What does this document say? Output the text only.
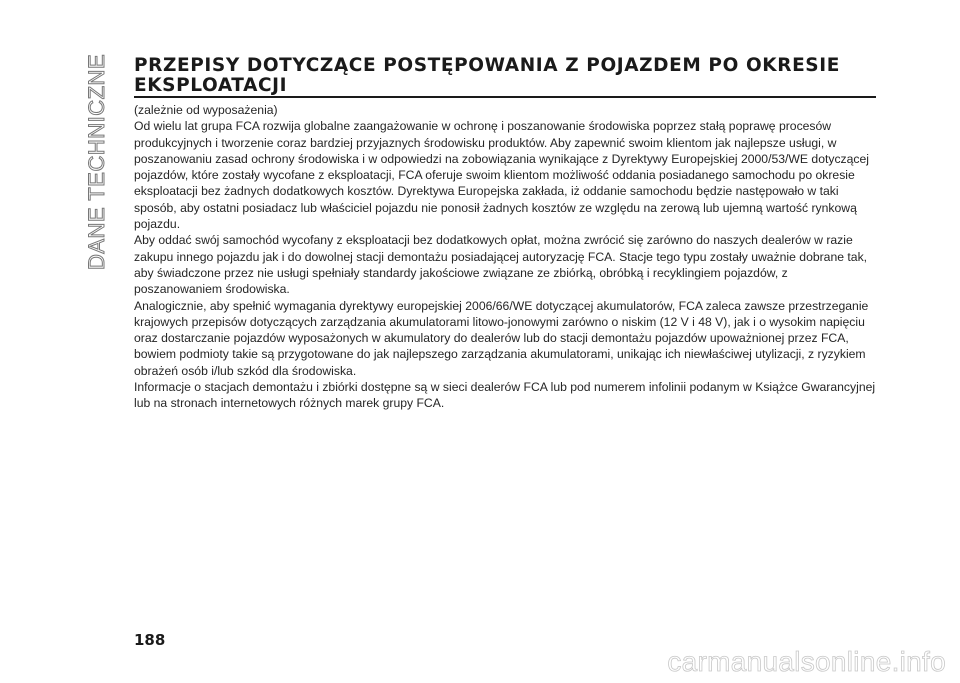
DANE TECHNICZNE PRZEPISY DOTYCZĄCE POSTĘPOWANIA Z POJAZDEM PO OKRESIE EKSPLOATACJI

(zależnie od wyposażenia)

Od wielu lat grupa FCA rozwija globalne zaangażowanie w ochronę i poszanowanie środowiska poprzez stałą poprawę procesów produkcyjnych i tworzenie coraz bardziej przyjaznych środowisku produktów. Aby zapewnić swoim klientom jak najlepsze usługi, w poszanowaniu zasad ochrony środowiska i w odpowiedzi na zobowiązania wynikające z Dyrektywy Europejskiej 2000/53/WE dotyczącej pojazdów, które zostały wycofane z eksploatacji, FCA oferuje swoim klientom możliwość oddania posiadanego samochodu po okresie eksploatacji bez żadnych dodatkowych kosztów. Dyrektywa Europejska zakłada, iż oddanie samochodu będzie następowało w taki sposób, aby ostatni posiadacz lub właściciel pojazdu nie ponosił żadnych kosztów ze względu na zerową lub ujemną wartość rynkową pojazdu.

Aby oddać swój samochód wycofany z eksploatacji bez dodatkowych opłat, można zwrócić się zarówno do naszych dealerów w razie zakupu innego pojazdu jak i do dowolnej stacji demontażu posiadającej autoryzację FCA. Stacje tego typu zostały uważnie dobrane tak, aby świadczone przez nie usługi spełniały standardy jakościowe związane ze zbiórką, obróbką i recyklingiem pojazdów, z poszanowaniem środowiska.

Analogicznie, aby spełnić wymagania dyrektywy europejskiej 2006/66/WE dotyczącej akumulatorów, FCA zaleca zawsze przestrzeganie krajowych przepisów dotyczących zarządzania akumulatorami litowo-jonowymi zarówno o niskim (12 V i 48 V), jak i o wysokim napięciu oraz dostarczanie pojazdów wyposażonych w akumulatory do dealerów lub do stacji demontażu pojazdów upoważnionej przez FCA, bowiem podmioty takie są przygotowane do jak najlepszego zarządzania akumulatorami, unikając ich niewłaściwej utylizacji, z ryzykiem obrażeń osób i/lub szkód dla środowiska.

Informacje o stacjach demontażu i zbiórki dostępne są w sieci dealerów FCA lub pod numerem infolinii podanym w Książce Gwarancyjnej lub na stronach internetowych różnych marek grupy FCA.

188
carmanualsonline.info
